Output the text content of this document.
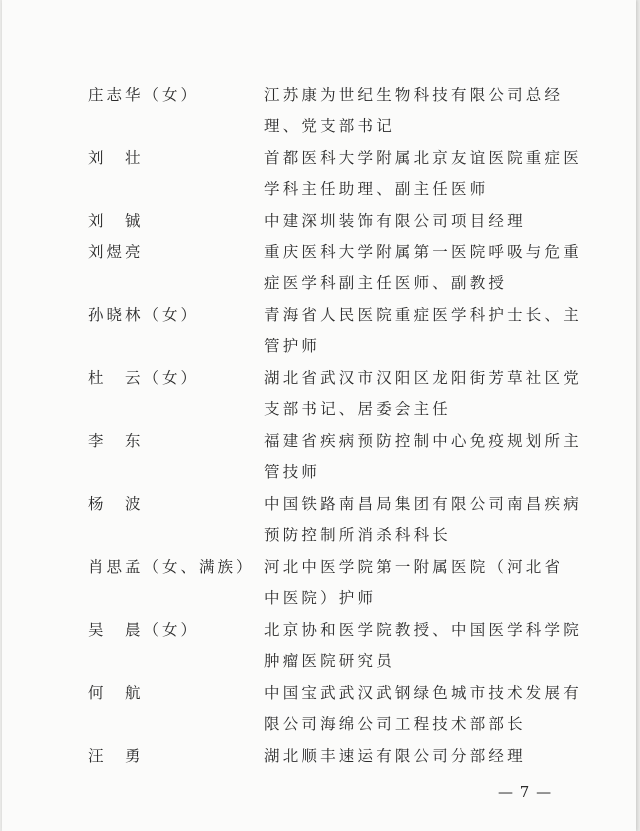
庄志华（女）	江苏康为世纪生物科技有限公司总经
理、党支部书记
刘　壮	首都医科大学附属北京友谊医院重症医
学科主任助理、副主任医师
刘　铖	中建深圳装饰有限公司项目经理
刘煜亮	重庆医科大学附属第一医院呼吸与危重
症医学科副主任医师、副教授
孙晓林（女）	青海省人民医院重症医学科护士长、主
管护师
杜　云（女）	湖北省武汉市汉阳区龙阳街芳草社区党
支部书记、居委会主任
李　东	福建省疾病预防控制中心免疫规划所主
管技师
杨　波	中国铁路南昌局集团有限公司南昌疾病
预防控制所消杀科科长
肖思孟（女、满族） 河北中医学院第一附属医院（河北省
中医院）护师
吴　晨（女）	北京协和医学院教授、中国医学科学院
肿瘤医院研究员
何　航	中国宝武武汉武钢绿色城市技术发展有
限公司海绵公司工程技术部部长
汪　勇	湖北顺丰速运有限公司分部经理
— 7 —
